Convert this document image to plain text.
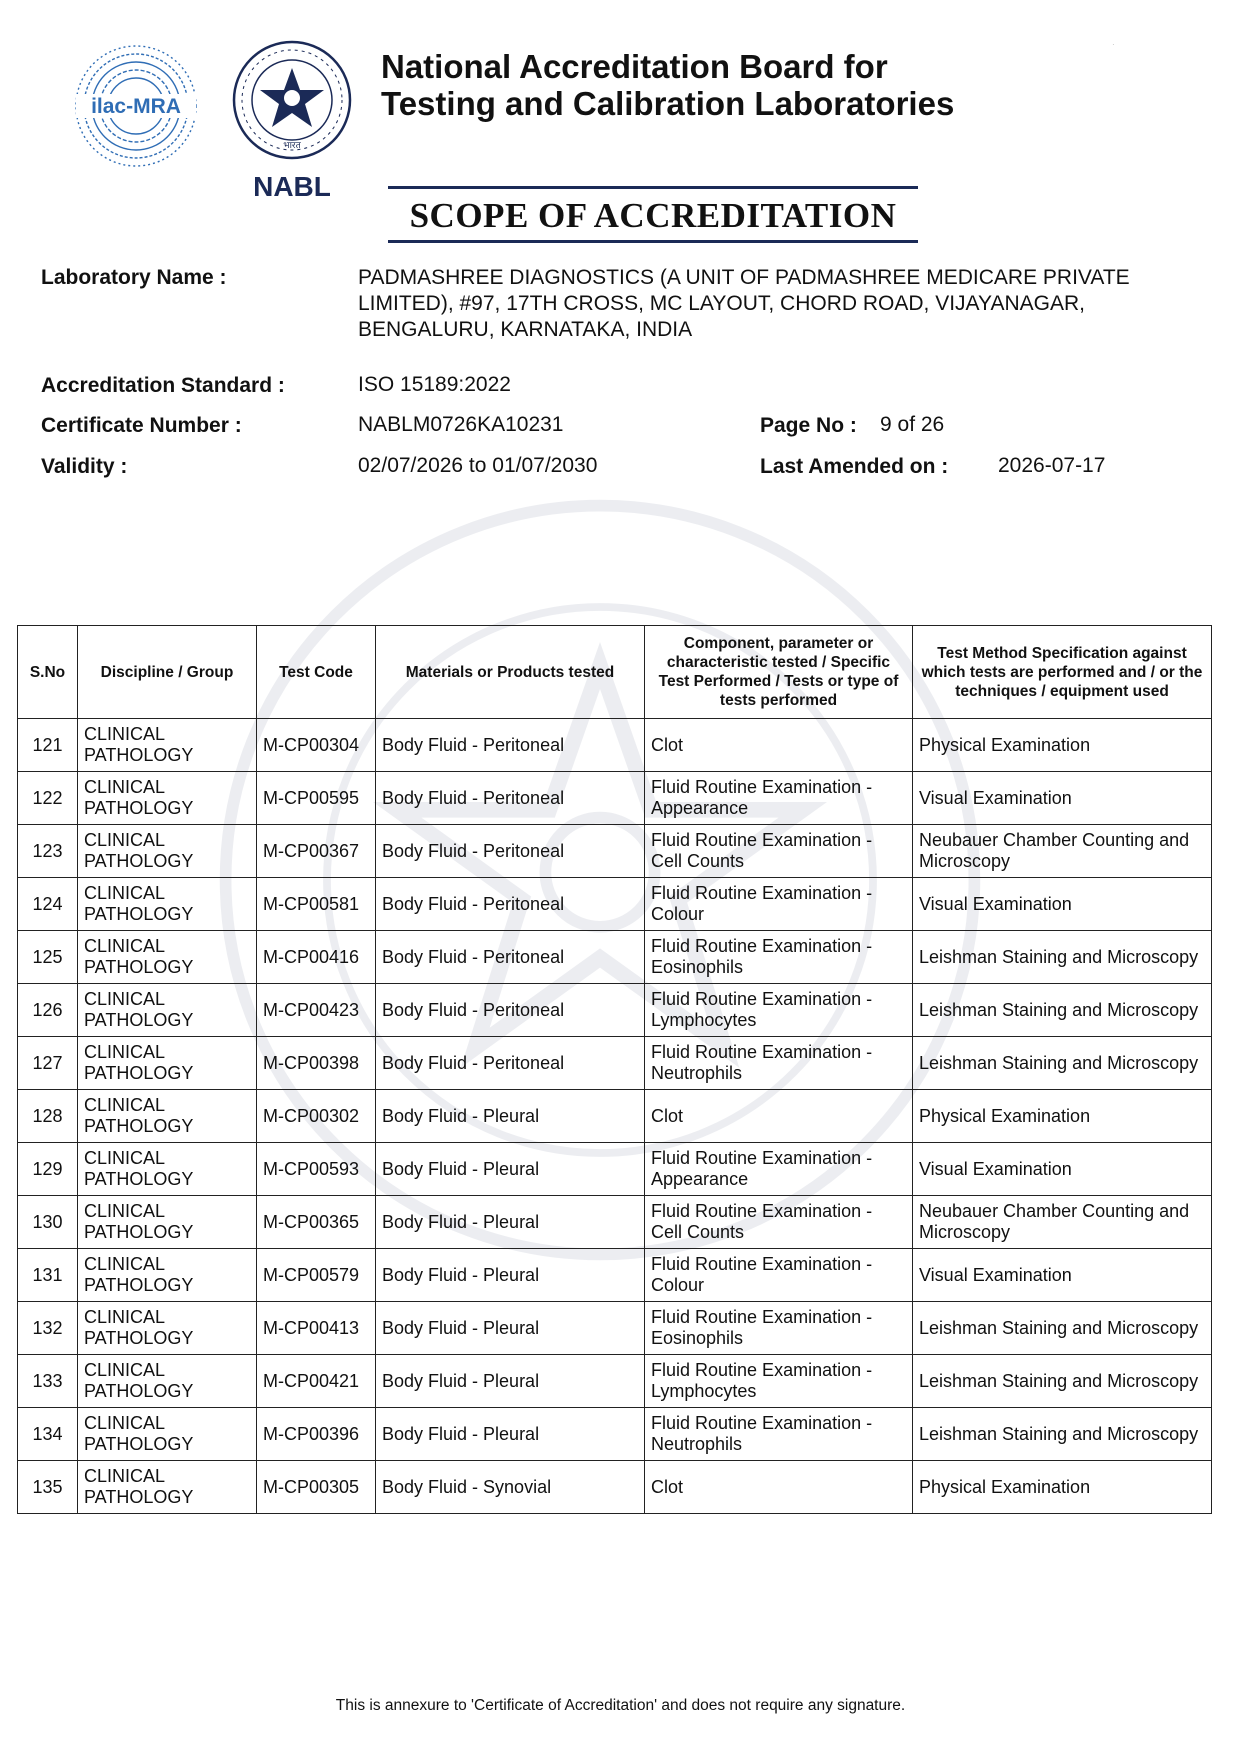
·
ilac-MRA
भारत
NABL
National Accreditation Board for
Testing and Calibration Laboratories
SCOPE OF ACCREDITATION
Laboratory Name :	PADMASHREE DIAGNOSTICS (A UNIT OF PADMASHREE MEDICARE PRIVATE LIMITED), #97, 17TH CROSS, MC LAYOUT, CHORD ROAD, VIJAYANAGAR, BENGALURU, KARNATAKA, INDIA
Accreditation Standard :	ISO 15189:2022
Certificate Number :	NABLM0726KA10231	Page No : 9 of 26
Validity :	02/07/2026 to 01/07/2030	Last Amended on : 2026-07-17
S.No	Discipline / Group	Test Code	Materials or Products tested	Component, parameter or characteristic tested / Specific Test Performed / Tests or type of tests performed	Test Method Specification against which tests are performed and / or the techniques / equipment used
121	CLINICAL PATHOLOGY	M-CP00304	Body Fluid - Peritoneal	Clot	Physical Examination
122	CLINICAL PATHOLOGY	M-CP00595	Body Fluid - Peritoneal	Fluid Routine Examination - Appearance	Visual Examination
123	CLINICAL PATHOLOGY	M-CP00367	Body Fluid - Peritoneal	Fluid Routine Examination - Cell Counts	Neubauer Chamber Counting and Microscopy
124	CLINICAL PATHOLOGY	M-CP00581	Body Fluid - Peritoneal	Fluid Routine Examination - Colour	Visual Examination
125	CLINICAL PATHOLOGY	M-CP00416	Body Fluid - Peritoneal	Fluid Routine Examination - Eosinophils	Leishman Staining and Microscopy
126	CLINICAL PATHOLOGY	M-CP00423	Body Fluid - Peritoneal	Fluid Routine Examination - Lymphocytes	Leishman Staining and Microscopy
127	CLINICAL PATHOLOGY	M-CP00398	Body Fluid - Peritoneal	Fluid Routine Examination - Neutrophils	Leishman Staining and Microscopy
128	CLINICAL PATHOLOGY	M-CP00302	Body Fluid - Pleural	Clot	Physical Examination
129	CLINICAL PATHOLOGY	M-CP00593	Body Fluid - Pleural	Fluid Routine Examination - Appearance	Visual Examination
130	CLINICAL PATHOLOGY	M-CP00365	Body Fluid - Pleural	Fluid Routine Examination - Cell Counts	Neubauer Chamber Counting and Microscopy
131	CLINICAL PATHOLOGY	M-CP00579	Body Fluid - Pleural	Fluid Routine Examination - Colour	Visual Examination
132	CLINICAL PATHOLOGY	M-CP00413	Body Fluid - Pleural	Fluid Routine Examination - Eosinophils	Leishman Staining and Microscopy
133	CLINICAL PATHOLOGY	M-CP00421	Body Fluid - Pleural	Fluid Routine Examination - Lymphocytes	Leishman Staining and Microscopy
134	CLINICAL PATHOLOGY	M-CP00396	Body Fluid - Pleural	Fluid Routine Examination - Neutrophils	Leishman Staining and Microscopy
135	CLINICAL PATHOLOGY	M-CP00305	Body Fluid - Synovial	Clot	Physical Examination
This is annexure to 'Certificate of Accreditation' and does not require any signature.
